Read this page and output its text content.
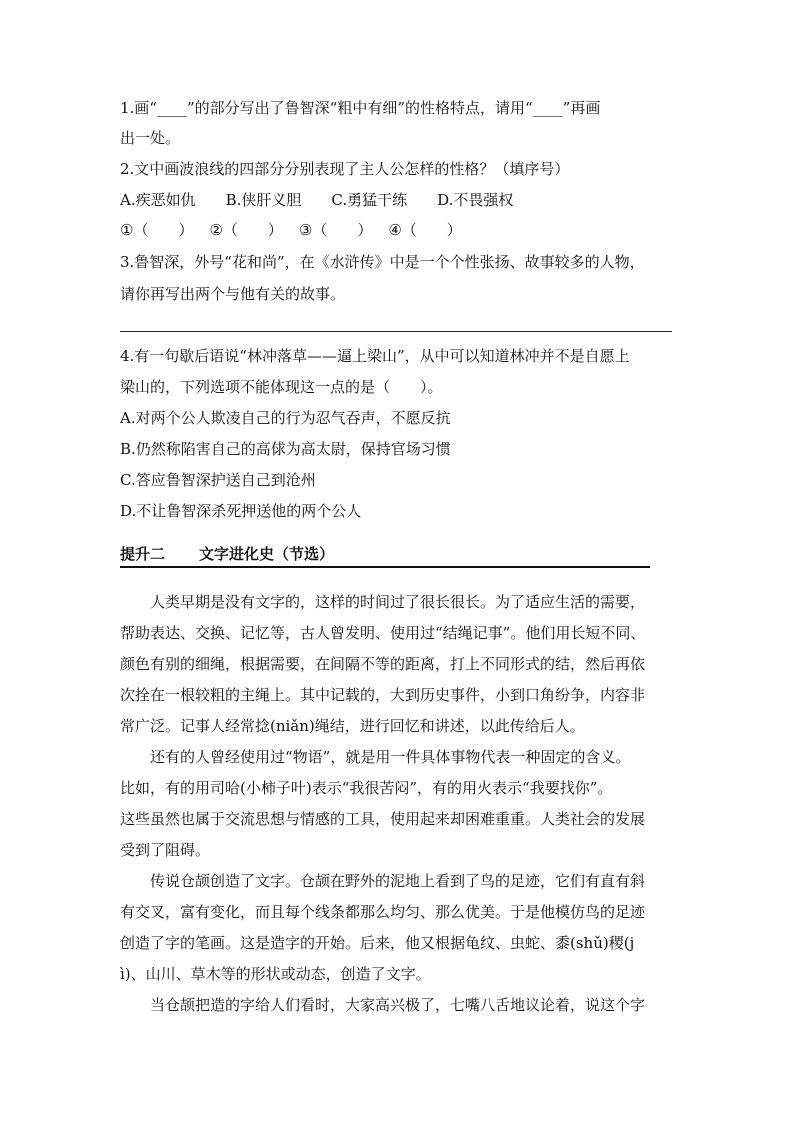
1.画“____”的部分写出了鲁智深“粗中有细”的性格特点，请用“____”再画
出一处。
2.文中画波浪线的四部分分别表现了主人公怎样的性格？（填序号）
A.疾恶如仇 B.侠肝义胆 C.勇猛干练 D.不畏强权
①（　　） ②（　　） ③（　　） ④（　　）
3.鲁智深，外号“花和尚”，在《水浒传》中是一个个性张扬、故事较多的人物，
请你再写出两个与他有关的故事。
4.有一句歇后语说“林冲落草——逼上梁山”，从中可以知道林冲并不是自愿上
梁山的，下列选项不能体现这一点的是（　　）。
A.对两个公人欺凌自己的行为忍气吞声，不愿反抗
B.仍然称陷害自己的高俅为高太尉，保持官场习惯
C.答应鲁智深护送自己到沧州
D.不让鲁智深杀死押送他的两个公人
提升二 文字进化史（节选）
人类早期是没有文字的，这样的时间过了很长很长。为了适应生活的需要，
帮助表达、交换、记忆等，古人曾发明、使用过“结绳记事”。他们用长短不同、
颜色有别的细绳，根据需要，在间隔不等的距离，打上不同形式的结，然后再依
次拴在一根较粗的主绳上。其中记载的，大到历史事件，小到口角纷争，内容非
常广泛。记事人经常捻(niǎn)绳结，进行回忆和讲述，以此传给后人。
还有的人曾经使用过“物语”，就是用一件具体事物代表一种固定的含义。
比如，有的用司哈(小柿子叶)表示“我很苦闷”，有的用火表示“我要找你”。
这些虽然也属于交流思想与情感的工具，使用起来却困难重重。人类社会的发展
受到了阻碍。
传说仓颉创造了文字。仓颉在野外的泥地上看到了鸟的足迹，它们有直有斜
有交叉，富有变化，而且每个线条都那么均匀、那么优美。于是他模仿鸟的足迹
创造了字的笔画。这是造字的开始。后来，他又根据龟纹、虫蛇、黍(shǔ)稷(j
ì)、山川、草木等的形状或动态，创造了文字。
当仓颉把造的字给人们看时，大家高兴极了，七嘴八舌地议论着，说这个字
